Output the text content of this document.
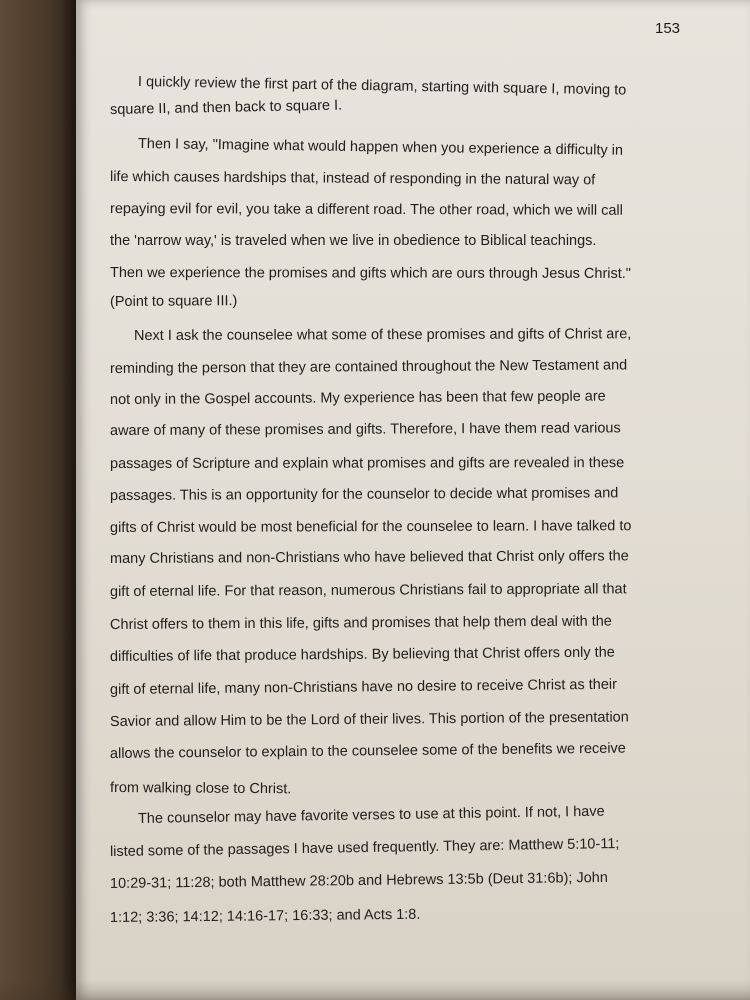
153

I quickly review the first part of the diagram, starting with square I, moving to

square II, and then back to square I.

Then I say, "Imagine what would happen when you experience a difficulty in

life which causes hardships that, instead of responding in the natural way of

repaying evil for evil, you take a different road. The other road, which we will call

the 'narrow way,' is traveled when we live in obedience to Biblical teachings.

Then we experience the promises and gifts which are ours through Jesus Christ."

(Point to square III.)

Next I ask the counselee what some of these promises and gifts of Christ are,

reminding the person that they are contained throughout the New Testament and

not only in the Gospel accounts. My experience has been that few people are

aware of many of these promises and gifts. Therefore, I have them read various

passages of Scripture and explain what promises and gifts are revealed in these

passages. This is an opportunity for the counselor to decide what promises and

gifts of Christ would be most beneficial for the counselee to learn. I have talked to

many Christians and non-Christians who have believed that Christ only offers the

gift of eternal life. For that reason, numerous Christians fail to appropriate all that

Christ offers to them in this life, gifts and promises that help them deal with the

difficulties of life that produce hardships. By believing that Christ offers only the

gift of eternal life, many non-Christians have no desire to receive Christ as their

Savior and allow Him to be the Lord of their lives. This portion of the presentation

allows the counselor to explain to the counselee some of the benefits we receive

from walking close to Christ.

The counselor may have favorite verses to use at this point. If not, I have

listed some of the passages I have used frequently. They are: Matthew 5:10-11;

10:29-31; 11:28; both Matthew 28:20b and Hebrews 13:5b (Deut 31:6b); John

1:12; 3:36; 14:12; 14:16-17; 16:33; and Acts 1:8.
